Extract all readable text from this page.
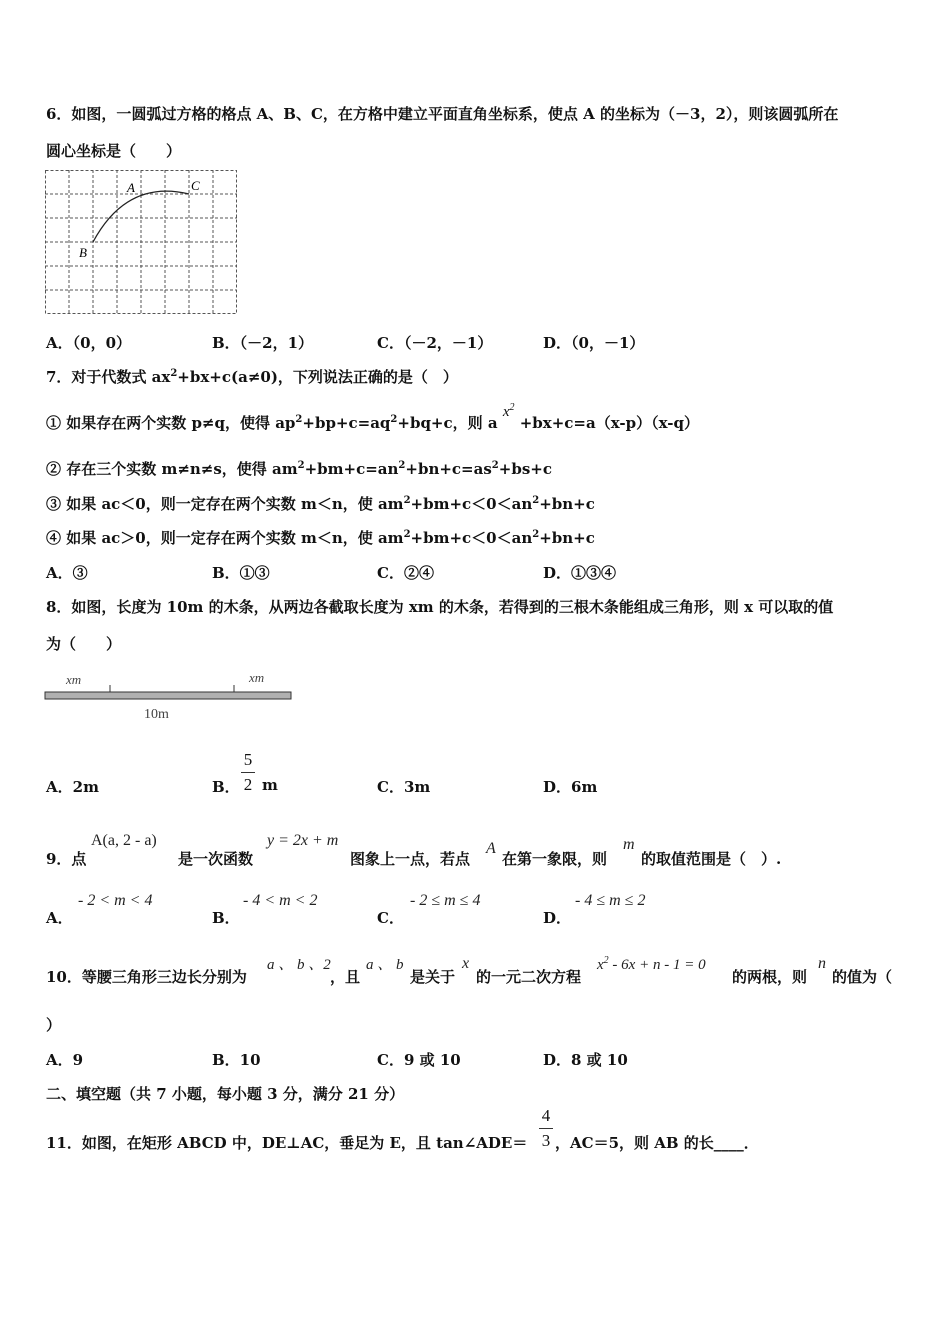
6．如图，一圆弧过方格的格点 A、B、C，在方格中建立平面直角坐标系，使点 A 的坐标为（－3，2），则该圆弧所在
圆心坐标是（　　）
A
B
C
A．（0，0）	B．（－2，1）	C．（－2，－1）	D．（0，－1）
7．对于代数式 $ax^2+bx+c(a\ne 0)$，下列说法正确的是（　）
① 如果存在两个实数 p≠q，使得 $ap^2+bp+c=aq^2+bq+c$，则 a $x^2 +bx+c=a(x-p)(x-q)$
② 存在三个实数 m≠n≠s，使得 $am^2+bm+c=an^2+bn+c=as^2+bs+c$
③ 如果 ac＜0，则一定存在两个实数 m＜n，使 $am^2+bm+c<0<an^2+bn+c$
④ 如果 ac＞0，则一定存在两个实数 m＜n，使 $am^2+bm+c<0<an^2+bn+c$
A．③	B．①③	C．②④	D．①③④
8．如图，长度为 10m 的木条，从两边各截取长度为 xm 的木条，若得到的三根木条能组成三角形，则 x 可以取的值
为（　　）
xm	xm
10m
A．2m	B．
5
2 m	C．3m	D．6m
9．点
A(a, 2 - a)
是一次函数
y = 2x + m
图象上一点，若点
A
在第一象限，则
m
的取值范围是（　）.
A．
- 2 < m < 4
B．
- 4 < m < 2
C．
- 2 ≤ m ≤ 4
D．
- 4 ≤ m ≤ 2
10．等腰三角形三边长分别为
a 、 b 、2
，且
a 、 b
是关于
x
的一元二次方程
$x^2 - 6x + n - 1 = 0$
的两根，则
n
的值为（
）
A．9	B．10	C．9 或 10	D．8 或 10
二、填空题（共 7 小题，每小题 3 分，满分 21 分）
11．如图，在矩形 ABCD 中，DE⊥AC，垂足为 E，且 tan∠ADE＝
4
3 ，AC＝5，则 AB 的长____．
